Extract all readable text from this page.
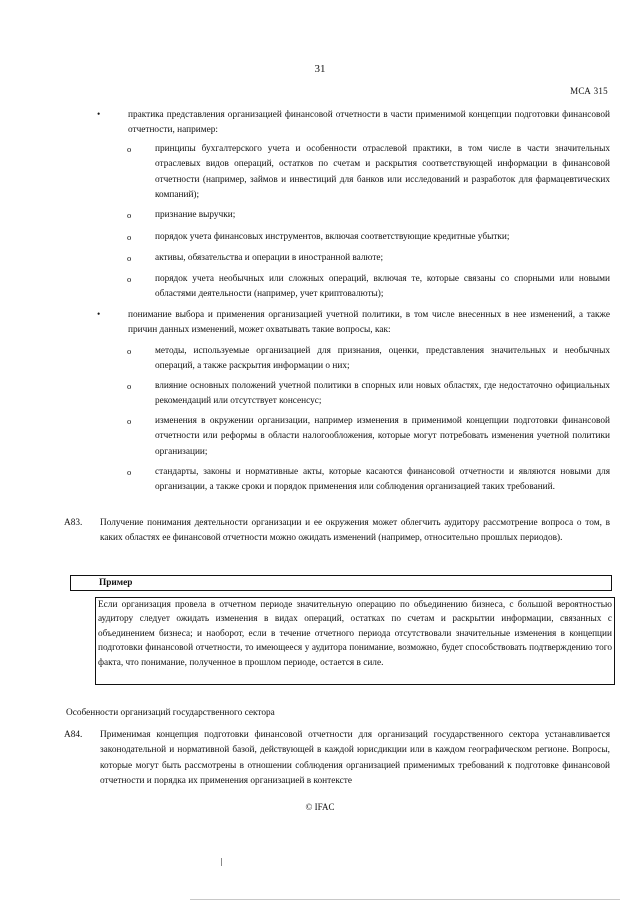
31
МСА 315
•	практика представления организацией финансовой отчетности в части применимой концепции подготовки финансовой отчетности, например:
o	принципы бухгалтерского учета и особенности отраслевой практики, в том числе в части значительных отраслевых видов операций, остатков по счетам и раскрытия соответствующей информации в финансовой отчетности (например, займов и инвестиций для банков или исследований и разработок для фармацевтических компаний);
o	признание выручки;
o	порядок учета финансовых инструментов, включая соответствующие кредитные убытки;
o	активы, обязательства и операции в иностранной валюте;
o	порядок учета необычных или сложных операций, включая те, которые связаны со спорными или новыми областями деятельности (например, учет криптовалюты);
•	понимание выбора и применения организацией учетной политики, в том числе внесенных в нее изменений, а также причин данных изменений, может охватывать такие вопросы, как:
o	методы, используемые организацией для признания, оценки, представления значительных и необычных операций, а также раскрытия информации о них;
o	влияние основных положений учетной политики в спорных или новых областях, где недостаточно официальных рекомендаций или отсутствует консенсус;
o	изменения в окружении организации, например изменения в применимой концепции подготовки финансовой отчетности или реформы в области налогообложения, которые могут потребовать изменения учетной политики организации;
o	стандарты, законы и нормативные акты, которые касаются финансовой отчетности и являются новыми для организации, а также сроки и порядок применения или соблюдения организацией таких требований.
A83. Получение понимания деятельности организации и ее окружения может облегчить аудитору рассмотрение вопроса о том, в каких областях ее финансовой отчетности можно ожидать изменений (например, относительно прошлых периодов).
Пример
Если организация провела в отчетном периоде значительную операцию по объединению бизнеса, с большой вероятностью аудитору следует ожидать изменения в видах операций, остатках по счетам и раскрытии информации, связанных с объединением бизнеса; и наоборот, если в течение отчетного периода отсутствовали значительные изменения в концепции подготовки финансовой отчетности, то имеющееся у аудитора понимание, возможно, будет способствовать подтверждению того факта, что понимание, полученное в прошлом периоде, остается в силе.
Особенности организаций государственного сектора
A84. Применимая концепция подготовки финансовой отчетности для организаций государственного сектора устанавливается законодательной и нормативной базой, действующей в каждой юрисдикции или в каждом географическом регионе. Вопросы, которые могут быть рассмотрены в отношении соблюдения организацией применимых требований к подготовке финансовой отчетности и порядка их применения организацией в контексте
© IFAC
